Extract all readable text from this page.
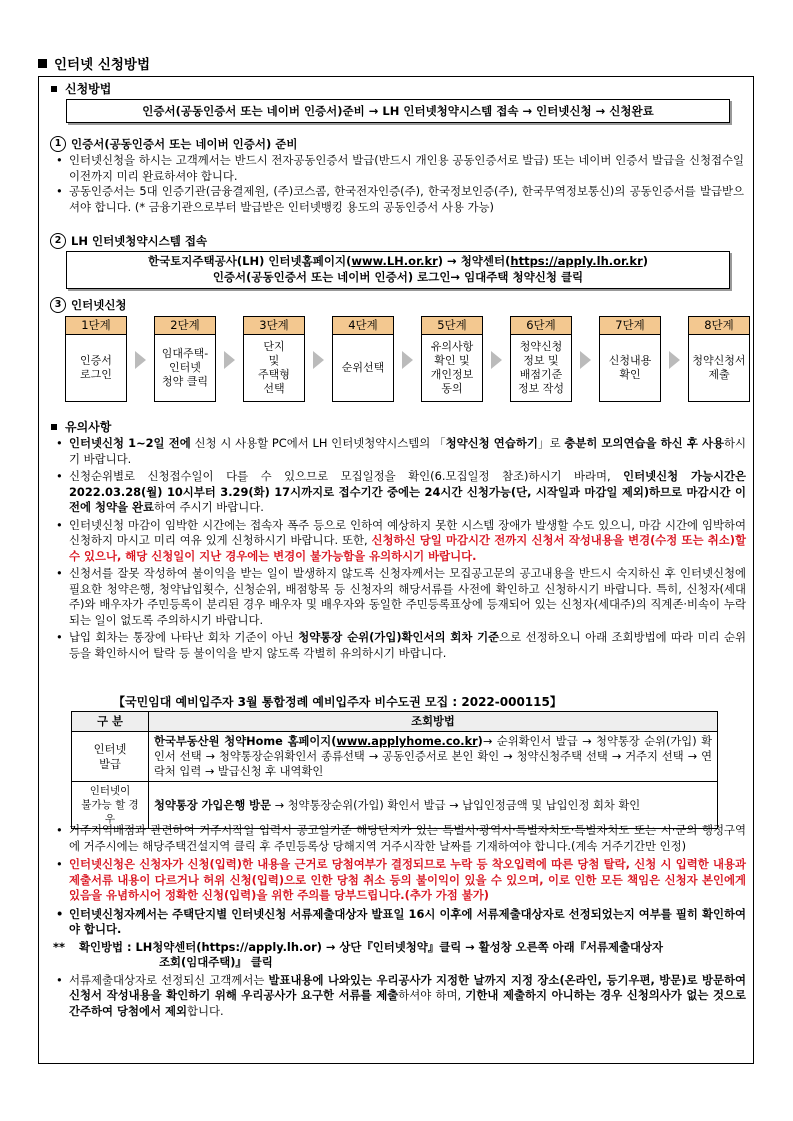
인터넷 신청방법
신청방법
인증서(공동인증서 또는 네이버 인증서)준비 → LH 인터넷청약시스템 접속 → 인터넷신청 → 신청완료
1 인증서(공동인증서 또는 네이버 인증서) 준비
• 인터넷신청을 하시는 고객께서는 반드시 전자공동인증서 발급(반드시 개인용 공동인증서로 발급) 또는 네이버 인증서 발급을 신청접수일 이전까지 미리 완료하셔야 합니다.
• 공동인증서는 5대 인증기관(금융결제원, (주)코스콤, 한국전자인증(주), 한국정보인증(주), 한국무역정보통신)의 공동인증서를 발급받으셔야 합니다. (* 금융기관으로부터 발급받은 인터넷뱅킹 용도의 공동인증서 사용 가능)
2 LH 인터넷청약시스템 접속
한국토지주택공사(LH) 인터넷홈페이지(www.LH.or.kr) → 청약센터(https://apply.lh.or.kr)
인증서(공동인증서 또는 네이버 인증서) 로그인→ 임대주택 청약신청 클릭
3 인터넷신청
1단계
인증서
로그인
2단계
임대주택-
인터넷
청약 클릭
3단계
단지
및
주택형
선택
4단계
순위선택
5단계
유의사항
확인 및
개인정보
동의
6단계
청약신청
정보 및
배점기준
정보 작성
7단계
신청내용
확인
8단계
청약신청서
제출
유의사항
• 인터넷신청 1~2일 전에 신청 시 사용할 PC에서 LH 인터넷청약시스템의 「청약신청 연습하기」로 충분히 모의연습을 하신 후 사용하시기 바랍니다.
• 신청순위별로 신청접수일이 다를 수 있으므로 모집일정을 확인(6.모집일정 참조)하시기 바라며, 인터넷신청 가능시간은 2022.03.28(월) 10시부터 3.29(화) 17시까지로 접수기간 중에는 24시간 신청가능(단, 시작일과 마감일 제외)하므로 마감시간 이전에 청약을 완료하여 주시기 바랍니다.
• 인터넷신청 마감이 임박한 시간에는 접속자 폭주 등으로 인하여 예상하지 못한 시스템 장애가 발생할 수도 있으니, 마감 시간에 임박하여 신청하지 마시고 미리 여유 있게 신청하시기 바랍니다. 또한, 신청하신 당일 마감시간 전까지 신청서 작성내용을 변경(수정 또는 취소)할 수 있으나, 해당 신청일이 지난 경우에는 변경이 불가능함을 유의하시기 바랍니다.
• 신청서를 잘못 작성하여 불이익을 받는 일이 발생하지 않도록 신청자께서는 모집공고문의 공고내용을 반드시 숙지하신 후 인터넷신청에 필요한 청약은행, 청약납입횟수, 신청순위, 배점항목 등 신청자의 해당서류를 사전에 확인하고 신청하시기 바랍니다. 특히, 신청자(세대주)와 배우자가 주민등록이 분리된 경우 배우자 및 배우자와 동일한 주민등록표상에 등재되어 있는 신청자(세대주)의 직계존·비속이 누락되는 일이 없도록 주의하시기 바랍니다.
• 납입 회차는 통장에 나타난 회차 기준이 아닌 청약통장 순위(가입)확인서의 회차 기준으로 선정하오니 아래 조회방법에 따라 미리 순위 등을 확인하시어 탈락 등 불이익을 받지 않도록 각별히 유의하시기 바랍니다.
【국민임대 예비입주자 3월 통합정례 예비입주자 비수도권 모집 : 2022-000115】
구 분	조회방법
인터넷
발급	한국부동산원 청약Home 홈페이지(www.applyhome.co.kr)→ 순위확인서 발급 → 청약통장 순위(가입) 확인서 선택 → 청약통장순위확인서 종류선택 → 공동인증서로 본인 확인 → 청약신청주택 선택 → 거주지 선택 → 연락처 입력 → 발급신청 후 내역확인
인터넷이
불가능 할 경우	청약통장 가입은행 방문 → 청약통장순위(가입) 확인서 발급 → 납입인정금액 및 납입인정 회차 확인
• 거주지역배점과 관련하여 거주시작일 입력시 공고일기준 해당단지가 있는 특별시·광역시·특별자치도·특별자치도 또는 시·군의 행정구역에 거주시에는 해당주택건설지역 클릭 후 주민등록상 당해지역 거주시작한 날짜를 기재하여야 합니다.(계속 거주기간만 인정)
• 인터넷신청은 신청자가 신청(입력)한 내용을 근거로 당첨여부가 결정되므로 누락 등 착오입력에 따른 당첨 탈락, 신청 시 입력한 내용과 제출서류 내용이 다르거나 허위 신청(입력)으로 인한 당첨 취소 등의 불이익이 있을 수 있으며, 이로 인한 모든 책임은 신청자 본인에게 있음을 유념하시어 정확한 신청(입력)을 위한 주의를 당부드립니다.(추가 가점 불가)
• 인터넷신청자께서는 주택단지별 인터넷신청 서류제출대상자 발표일 16시 이후에 서류제출대상자로 선정되었는지 여부를 필히 확인하여야 합니다.
**	확인방법 : LH청약센터(https://apply.lh.or) → 상단『인터넷청약』클릭 → 활성창 오른쪽 아래『서류제출대상자
조회(임대주택)』 클릭
• 서류제출대상자로 선정되신 고객께서는 발표내용에 나와있는 우리공사가 지정한 날까지 지정 장소(온라인, 등기우편, 방문)로 방문하여 신청서 작성내용을 확인하기 위해 우리공사가 요구한 서류를 제출하셔야 하며, 기한내 제출하지 아니하는 경우 신청의사가 없는 것으로 간주하여 당첨에서 제외합니다.
